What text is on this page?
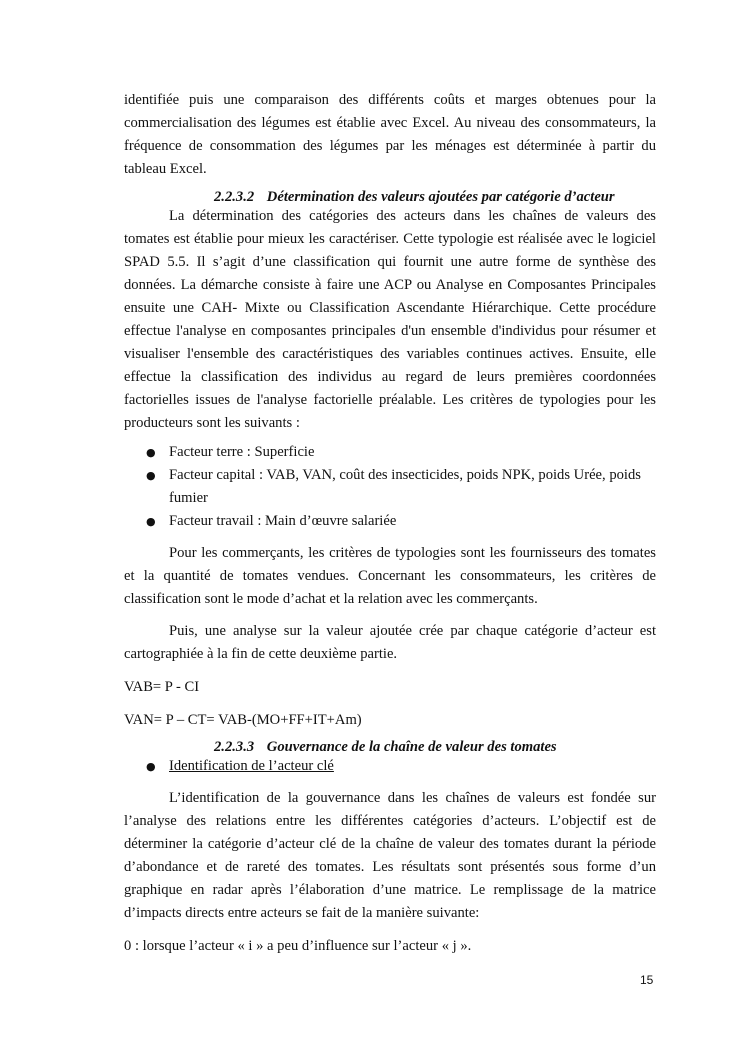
identifiée puis une comparaison des différents coûts et marges obtenues pour la commercialisation des légumes est établie avec Excel. Au niveau des consommateurs, la fréquence de consommation des légumes par les ménages est déterminée à partir du tableau Excel.

2.2.3.2 Détermination des valeurs ajoutées par catégorie d’acteur

La détermination des catégories des acteurs dans les chaînes de valeurs des tomates est établie pour mieux les caractériser. Cette typologie est réalisée avec le logiciel SPAD 5.5. Il s’agit d’une classification qui fournit une autre forme de synthèse des données. La démarche consiste à faire une ACP ou Analyse en Composantes Principales ensuite une CAH- Mixte ou Classification Ascendante Hiérarchique. Cette procédure effectue l'analyse en composantes principales d'un ensemble d'individus pour résumer et visualiser l'ensemble des caractéristiques des variables continues actives. Ensuite, elle effectue la classification des individus au regard de leurs premières coordonnées factorielles issues de l'analyse factorielle préalable. Les critères de typologies pour les producteurs sont les suivants :

● Facteur terre : Superficie
● Facteur capital : VAB, VAN, coût des insecticides, poids NPK, poids Urée, poids fumier
● Facteur travail : Main d’œuvre salariée

Pour les commerçants, les critères de typologies sont les fournisseurs des tomates et la quantité de tomates vendues. Concernant les consommateurs, les critères de classification sont le mode d’achat et la relation avec les commerçants.

Puis, une analyse sur la valeur ajoutée crée par chaque catégorie d’acteur est cartographiée à la fin de cette deuxième partie.

VAB= P - CI

VAN= P – CT= VAB-(MO+FF+IT+Am)

2.2.3.3 Gouvernance de la chaîne de valeur des tomates
● Identification de l’acteur clé

L’identification de la gouvernance dans les chaînes de valeurs est fondée sur l’analyse des relations entre les différentes catégories d’acteurs. L’objectif est de déterminer la catégorie d’acteur clé de la chaîne de valeur des tomates durant la période d’abondance et de rareté des tomates. Les résultats sont présentés sous forme d’un graphique en radar après l’élaboration d’une matrice. Le remplissage de la matrice d’impacts directs entre acteurs se fait de la manière suivante:

0 : lorsque l’acteur « i » a peu d’influence sur l’acteur « j ».

15
